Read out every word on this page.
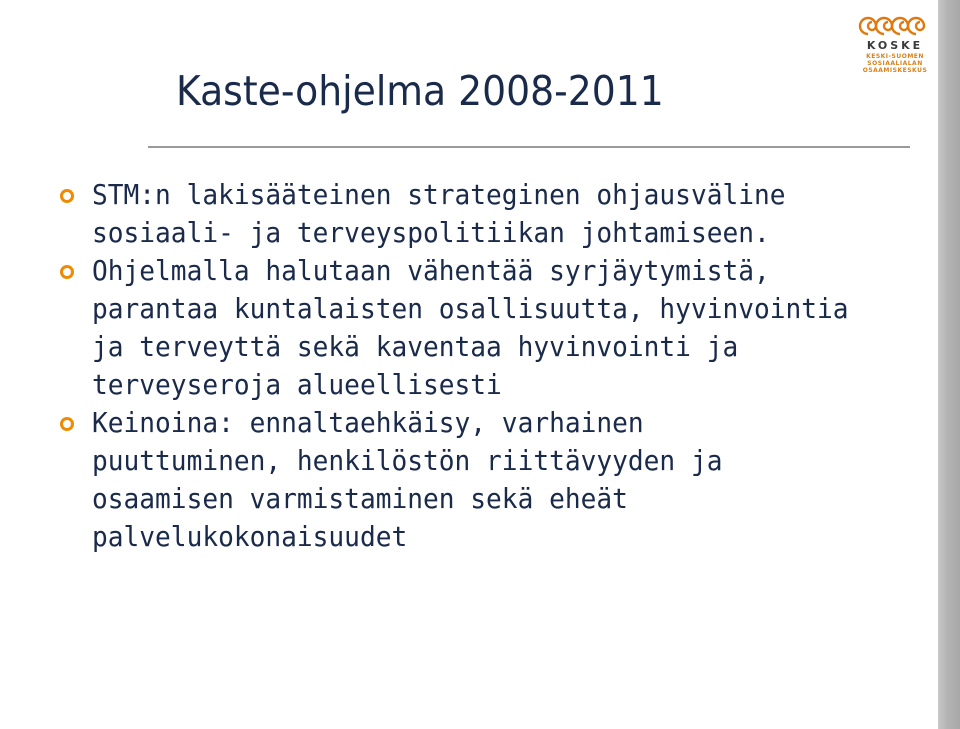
KOSKE
KESKI-SUOMEN
SOSIAALIALAN
OSAAMISKESKUS
Kaste-ohjelma 2008-2011
STM:n lakisääteinen strateginen ohjausväline
sosiaali- ja terveyspolitiikan johtamiseen.
Ohjelmalla halutaan vähentää syrjäytymistä,
parantaa kuntalaisten osallisuutta, hyvinvointia
ja terveyttä sekä kaventaa hyvinvointi ja
terveyseroja alueellisesti
Keinoina: ennaltaehkäisy, varhainen
puuttuminen, henkilöstön riittävyyden ja
osaamisen varmistaminen sekä eheät
palvelukokonaisuudet
